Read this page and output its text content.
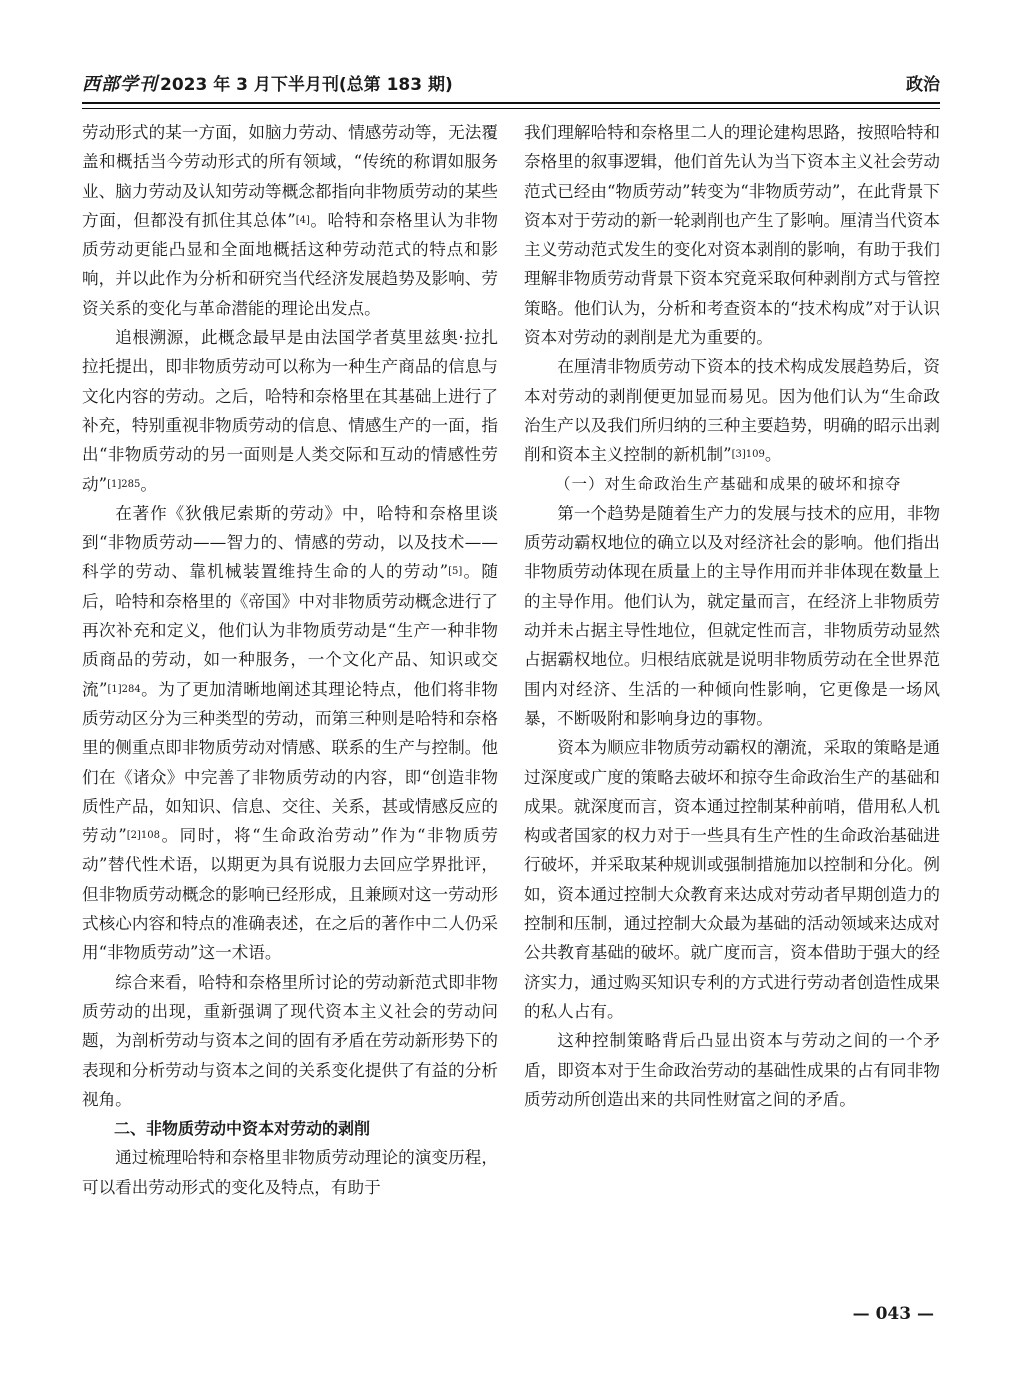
西部学刊 2023 年 3 月下半月刊(总第 183 期)	政治

劳动形式的某一方面，如脑力劳动、情感劳动等，无法覆盖和概括当今劳动形式的所有领域，“传统的称谓如服务业、脑力劳动及认知劳动等概念都指向非物质劳动的某些方面，但都没有抓住其总体”[4]。哈特和奈格里认为非物质劳动更能凸显和全面地概括这种劳动范式的特点和影响，并以此作为分析和研究当代经济发展趋势及影响、劳资关系的变化与革命潜能的理论出发点。

追根溯源，此概念最早是由法国学者莫里兹奥·拉扎拉托提出，即非物质劳动可以称为一种生产商品的信息与文化内容的劳动。之后，哈特和奈格里在其基础上进行了补充，特别重视非物质劳动的信息、情感生产的一面，指出“非物质劳动的另一面则是人类交际和互动的情感性劳动”$^{[1]285}$。

在著作《狄俄尼索斯的劳动》中，哈特和奈格里谈到“非物质劳动——智力的、情感的劳动，以及技术——科学的劳动、靠机械装置维持生命的人的劳动”[5]。随后，哈特和奈格里的《帝国》中对非物质劳动概念进行了再次补充和定义，他们认为非物质劳动是“生产一种非物质商品的劳动，如一种服务，一个文化产品、知识或交流”$^{[1]284}$。为了更加清晰地阐述其理论特点，他们将非物质劳动区分为三种类型的劳动，而第三种则是哈特和奈格里的侧重点即非物质劳动对情感、联系的生产与控制。他们在《诸众》中完善了非物质劳动的内容，即“创造非物质性产品，如知识、信息、交往、关系，甚或情感反应的劳动”$^{[2]108}$。同时，将“生命政治劳动”作为“非物质劳动”替代性术语，以期更为具有说服力去回应学界批评，但非物质劳动概念的影响已经形成，且兼顾对这一劳动形式核心内容和特点的准确表述，在之后的著作中二人仍采用“非物质劳动”这一术语。

综合来看，哈特和奈格里所讨论的劳动新范式即非物质劳动的出现，重新强调了现代资本主义社会的劳动问题，为剖析劳动与资本之间的固有矛盾在劳动新形势下的表现和分析劳动与资本之间的关系变化提供了有益的分析视角。

二、非物质劳动中资本对劳动的剥削

通过梳理哈特和奈格里非物质劳动理论的演变历程，可以看出劳动形式的变化及特点，有助于

我们理解哈特和奈格里二人的理论建构思路，按照哈特和奈格里的叙事逻辑，他们首先认为当下资本主义社会劳动范式已经由“物质劳动”转变为“非物质劳动”，在此背景下资本对于劳动的新一轮剥削也产生了影响。厘清当代资本主义劳动范式发生的变化对资本剥削的影响，有助于我们理解非物质劳动背景下资本究竟采取何种剥削方式与管控策略。他们认为，分析和考查资本的“技术构成”对于认识资本对劳动的剥削是尤为重要的。

在厘清非物质劳动下资本的技术构成发展趋势后，资本对劳动的剥削便更加显而易见。因为他们认为“生命政治生产以及我们所归纳的三种主要趋势，明确的昭示出剥削和资本主义控制的新机制”$^{[3]109}$。

（一）对生命政治生产基础和成果的破坏和掠夺

第一个趋势是随着生产力的发展与技术的应用，非物质劳动霸权地位的确立以及对经济社会的影响。他们指出非物质劳动体现在质量上的主导作用而并非体现在数量上的主导作用。他们认为，就定量而言，在经济上非物质劳动并未占据主导性地位，但就定性而言，非物质劳动显然占据霸权地位。归根结底就是说明非物质劳动在全世界范围内对经济、生活的一种倾向性影响，它更像是一场风暴，不断吸附和影响身边的事物。

资本为顺应非物质劳动霸权的潮流，采取的策略是通过深度或广度的策略去破坏和掠夺生命政治生产的基础和成果。就深度而言，资本通过控制某种前哨，借用私人机构或者国家的权力对于一些具有生产性的生命政治基础进行破坏，并采取某种规训或强制措施加以控制和分化。例如，资本通过控制大众教育来达成对劳动者早期创造力的控制和压制，通过控制大众最为基础的活动领域来达成对公共教育基础的破坏。就广度而言，资本借助于强大的经济实力，通过购买知识专利的方式进行劳动者创造性成果的私人占有。

这种控制策略背后凸显出资本与劳动之间的一个矛盾，即资本对于生命政治劳动的基础性成果的占有同非物质劳动所创造出来的共同性财富之间的矛盾。

— 043 —
